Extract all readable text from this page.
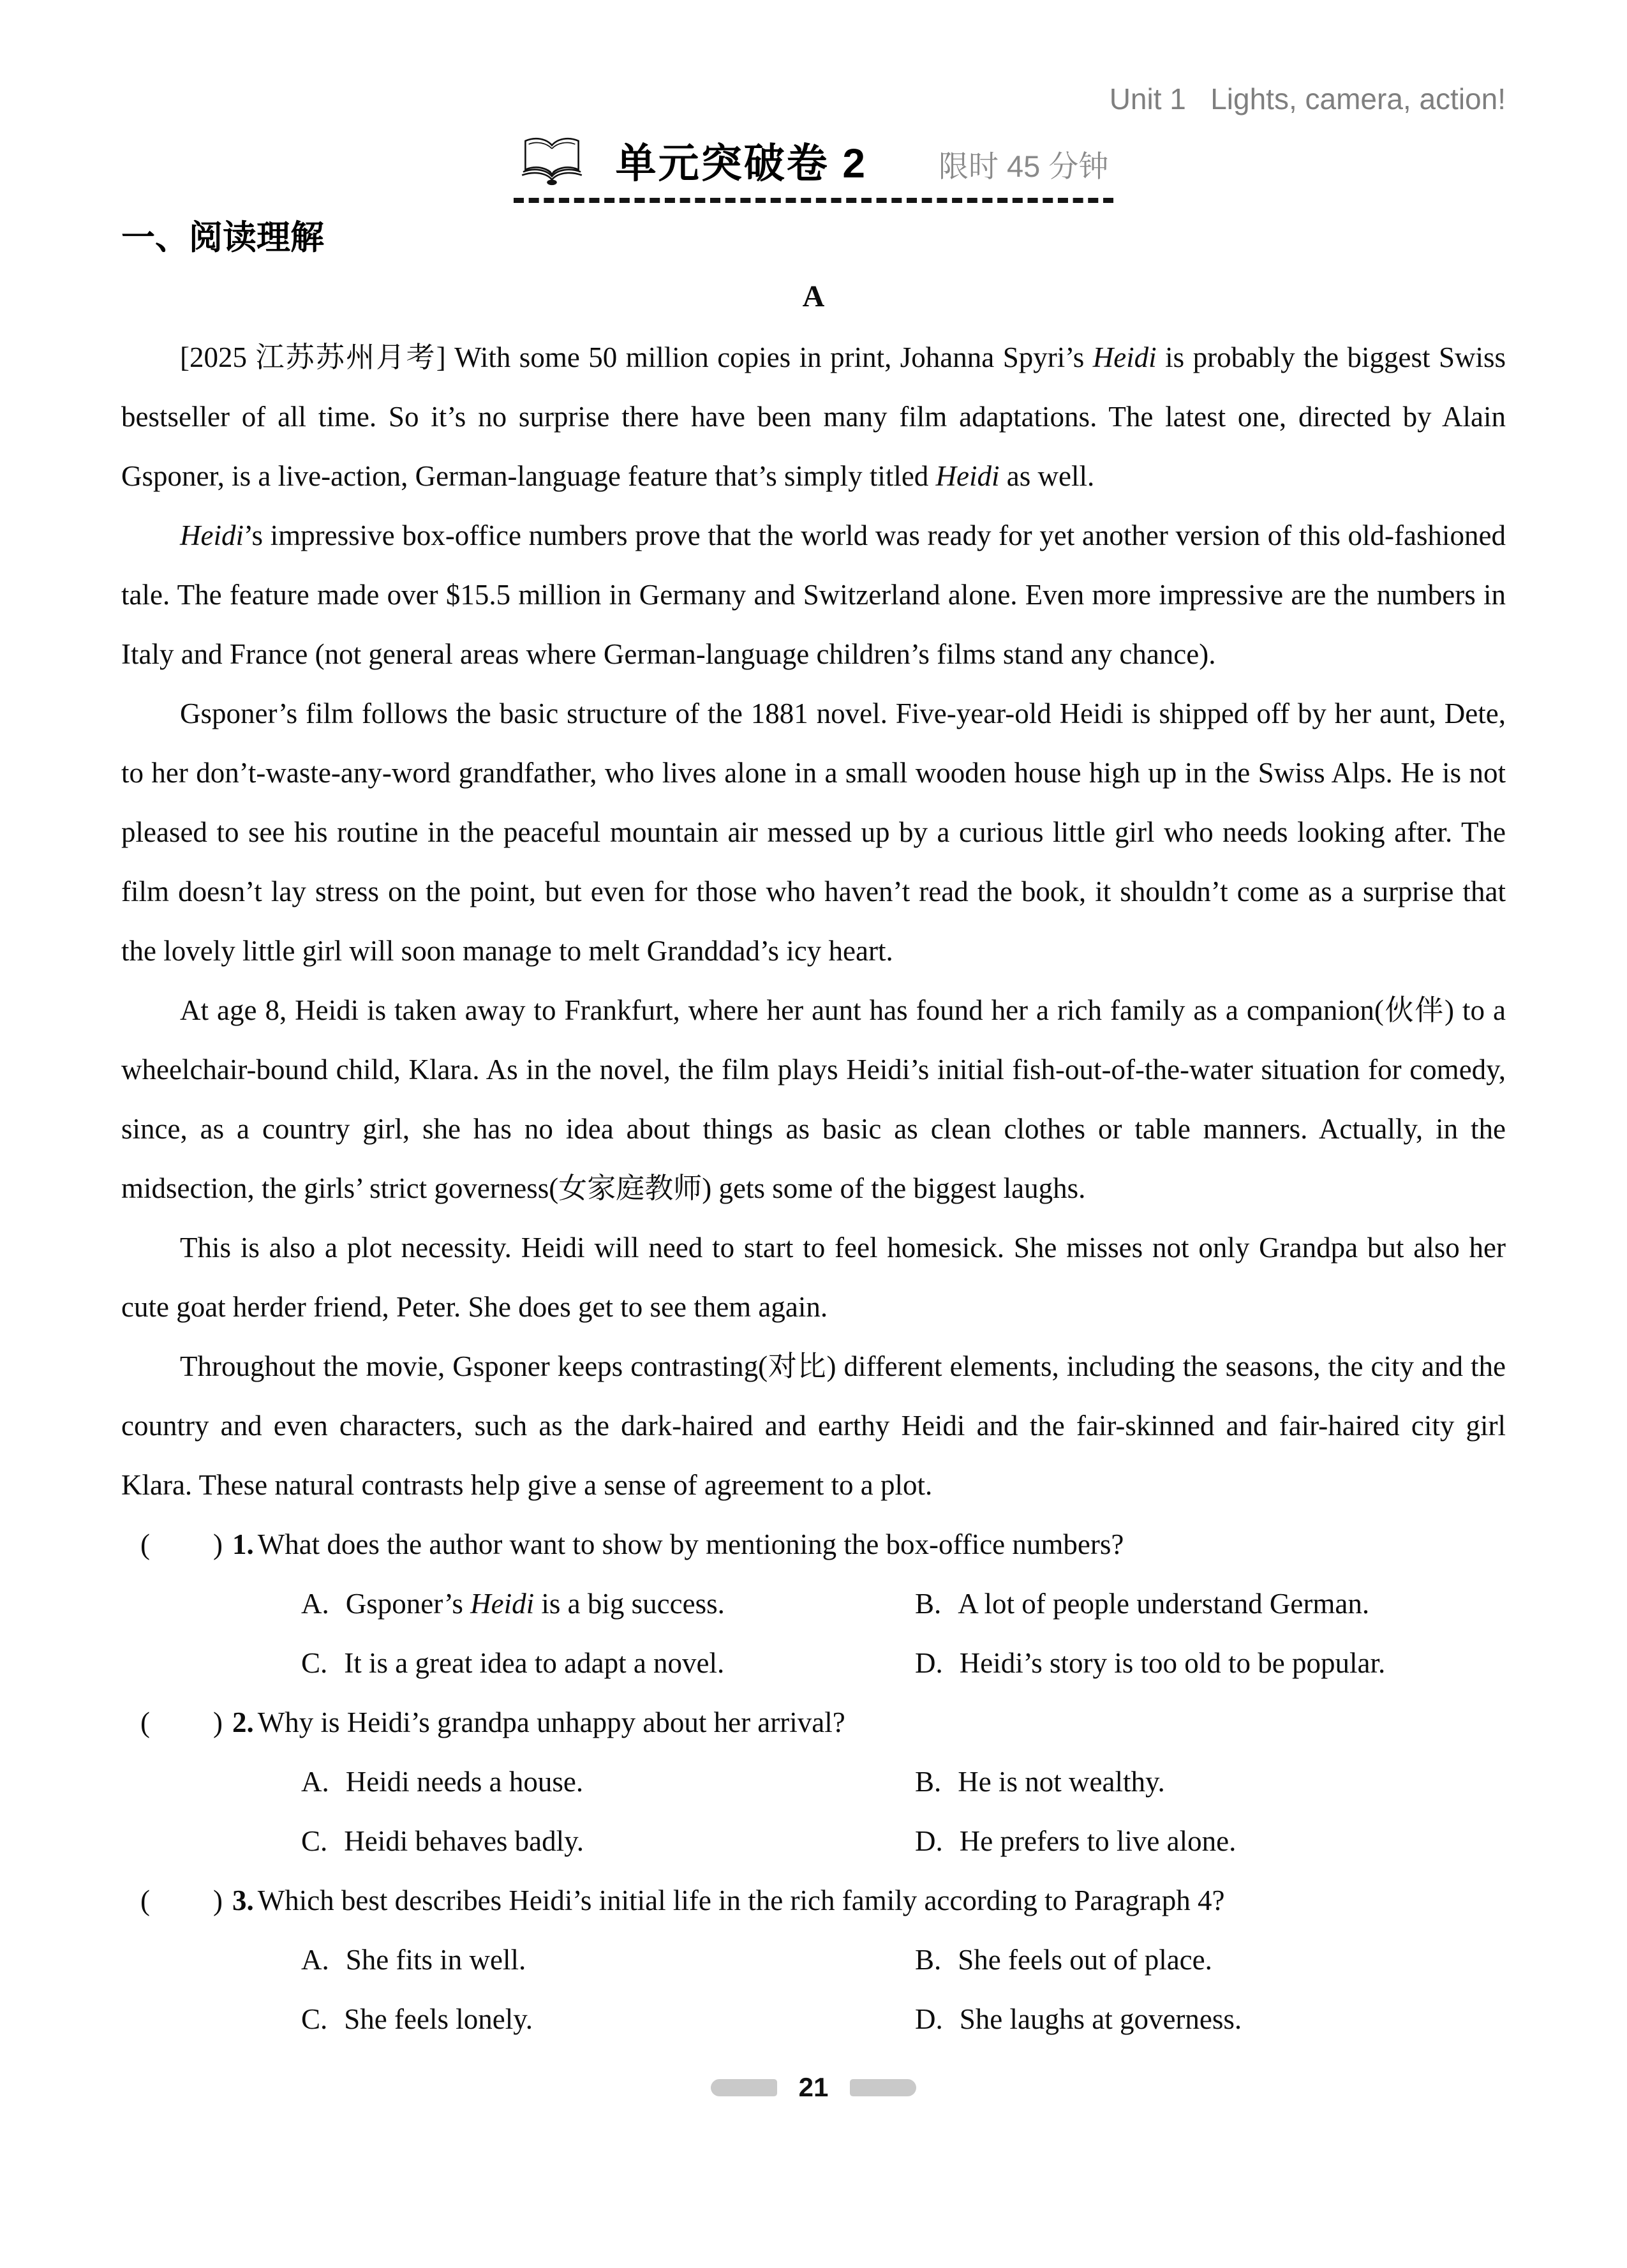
Unit 1   Lights, camera, action!
单元突破卷 2 限时 45 分钟
一、阅读理解
A

[2025 江苏苏州月考] With some 50 million copies in print, Johanna Spyri’s Heidi is probably the biggest Swiss bestseller of all time. So it’s no surprise there have been many film adaptations. The latest one, directed by Alain Gsponer, is a live-action, German-language feature that’s simply titled Heidi as well.

Heidi’s impressive box-office numbers prove that the world was ready for yet another version of this old-fashioned tale. The feature made over $15.5 million in Germany and Switzerland alone. Even more impressive are the numbers in Italy and France (not general areas where German-language children’s films stand any chance).

Gsponer’s film follows the basic structure of the 1881 novel. Five-year-old Heidi is shipped off by her aunt, Dete, to her don’t-waste-any-word grandfather, who lives alone in a small wooden house high up in the Swiss Alps. He is not pleased to see his routine in the peaceful mountain air messed up by a curious little girl who needs looking after. The film doesn’t lay stress on the point, but even for those who haven’t read the book, it shouldn’t come as a surprise that the lovely little girl will soon manage to melt Granddad’s icy heart.

At age 8, Heidi is taken away to Frankfurt, where her aunt has found her a rich family as a companion(伙伴) to a wheelchair-bound child, Klara. As in the novel, the film plays Heidi’s initial fish-out-of-the-water situation for comedy, since, as a country girl, she has no idea about things as basic as clean clothes or table manners. Actually, in the midsection, the girls’ strict governess(女家庭教师) gets some of the biggest laughs.

This is also a plot necessity. Heidi will need to start to feel homesick. She misses not only Grandpa but also her cute goat herder friend, Peter. She does get to see them again.

Throughout the movie, Gsponer keeps contrasting(对比) different elements, including the seasons, the city and the country and even characters, such as the dark-haired and earthy Heidi and the fair-skinned and fair-haired city girl Klara. These natural contrasts help give a sense of agreement to a plot.

(        ) 1. What does the author want to show by mentioning the box-office numbers?
A. Gsponer’s Heidi is a big success.	B. A lot of people understand German.
C. It is a great idea to adapt a novel.	D. Heidi’s story is too old to be popular.
(        ) 2. Why is Heidi’s grandpa unhappy about her arrival?
A. Heidi needs a house.	B. He is not wealthy.
C. Heidi behaves badly.	D. He prefers to live alone.
(        ) 3. Which best describes Heidi’s initial life in the rich family according to Paragraph 4?
A. She fits in well.	B. She feels out of place.
C. She feels lonely.	D. She laughs at governess.
21
